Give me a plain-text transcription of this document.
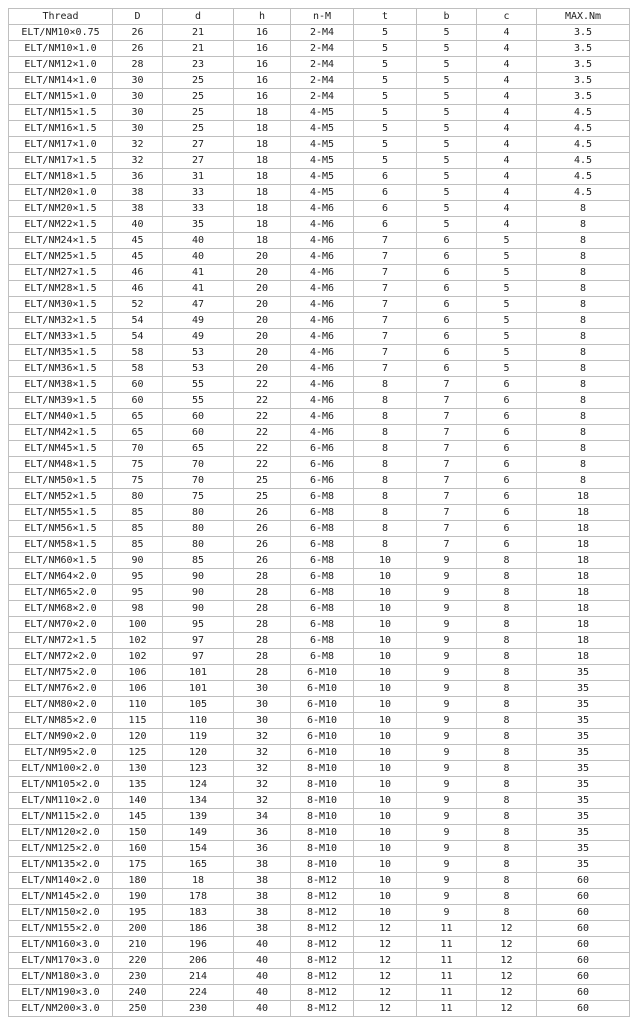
Thread	D	d	h	n-M	t	b	c	MAX.Nm
ELT/NM10×0.75	26	21	16	2-M4	5	5	4	3.5
ELT/NM10×1.0	26	21	16	2-M4	5	5	4	3.5
ELT/NM12×1.0	28	23	16	2-M4	5	5	4	3.5
ELT/NM14×1.0	30	25	16	2-M4	5	5	4	3.5
ELT/NM15×1.0	30	25	16	2-M4	5	5	4	3.5
ELT/NM15×1.5	30	25	18	4-M5	5	5	4	4.5
ELT/NM16×1.5	30	25	18	4-M5	5	5	4	4.5
ELT/NM17×1.0	32	27	18	4-M5	5	5	4	4.5
ELT/NM17×1.5	32	27	18	4-M5	5	5	4	4.5
ELT/NM18×1.5	36	31	18	4-M5	6	5	4	4.5
ELT/NM20×1.0	38	33	18	4-M5	6	5	4	4.5
ELT/NM20×1.5	38	33	18	4-M6	6	5	4	8
ELT/NM22×1.5	40	35	18	4-M6	6	5	4	8
ELT/NM24×1.5	45	40	18	4-M6	7	6	5	8
ELT/NM25×1.5	45	40	20	4-M6	7	6	5	8
ELT/NM27×1.5	46	41	20	4-M6	7	6	5	8
ELT/NM28×1.5	46	41	20	4-M6	7	6	5	8
ELT/NM30×1.5	52	47	20	4-M6	7	6	5	8
ELT/NM32×1.5	54	49	20	4-M6	7	6	5	8
ELT/NM33×1.5	54	49	20	4-M6	7	6	5	8
ELT/NM35×1.5	58	53	20	4-M6	7	6	5	8
ELT/NM36×1.5	58	53	20	4-M6	7	6	5	8
ELT/NM38×1.5	60	55	22	4-M6	8	7	6	8
ELT/NM39×1.5	60	55	22	4-M6	8	7	6	8
ELT/NM40×1.5	65	60	22	4-M6	8	7	6	8
ELT/NM42×1.5	65	60	22	4-M6	8	7	6	8
ELT/NM45×1.5	70	65	22	6-M6	8	7	6	8
ELT/NM48×1.5	75	70	22	6-M6	8	7	6	8
ELT/NM50×1.5	75	70	25	6-M6	8	7	6	8
ELT/NM52×1.5	80	75	25	6-M8	8	7	6	18
ELT/NM55×1.5	85	80	26	6-M8	8	7	6	18
ELT/NM56×1.5	85	80	26	6-M8	8	7	6	18
ELT/NM58×1.5	85	80	26	6-M8	8	7	6	18
ELT/NM60×1.5	90	85	26	6-M8	10	9	8	18
ELT/NM64×2.0	95	90	28	6-M8	10	9	8	18
ELT/NM65×2.0	95	90	28	6-M8	10	9	8	18
ELT/NM68×2.0	98	90	28	6-M8	10	9	8	18
ELT/NM70×2.0	100	95	28	6-M8	10	9	8	18
ELT/NM72×1.5	102	97	28	6-M8	10	9	8	18
ELT/NM72×2.0	102	97	28	6-M8	10	9	8	18
ELT/NM75×2.0	106	101	28	6-M10	10	9	8	35
ELT/NM76×2.0	106	101	30	6-M10	10	9	8	35
ELT/NM80×2.0	110	105	30	6-M10	10	9	8	35
ELT/NM85×2.0	115	110	30	6-M10	10	9	8	35
ELT/NM90×2.0	120	119	32	6-M10	10	9	8	35
ELT/NM95×2.0	125	120	32	6-M10	10	9	8	35
ELT/NM100×2.0	130	123	32	8-M10	10	9	8	35
ELT/NM105×2.0	135	124	32	8-M10	10	9	8	35
ELT/NM110×2.0	140	134	32	8-M10	10	9	8	35
ELT/NM115×2.0	145	139	34	8-M10	10	9	8	35
ELT/NM120×2.0	150	149	36	8-M10	10	9	8	35
ELT/NM125×2.0	160	154	36	8-M10	10	9	8	35
ELT/NM135×2.0	175	165	38	8-M10	10	9	8	35
ELT/NM140×2.0	180	18	38	8-M12	10	9	8	60
ELT/NM145×2.0	190	178	38	8-M12	10	9	8	60
ELT/NM150×2.0	195	183	38	8-M12	10	9	8	60
ELT/NM155×2.0	200	186	38	8-M12	12	11	12	60
ELT/NM160×3.0	210	196	40	8-M12	12	11	12	60
ELT/NM170×3.0	220	206	40	8-M12	12	11	12	60
ELT/NM180×3.0	230	214	40	8-M12	12	11	12	60
ELT/NM190×3.0	240	224	40	8-M12	12	11	12	60
ELT/NM200×3.0	250	230	40	8-M12	12	11	12	60
